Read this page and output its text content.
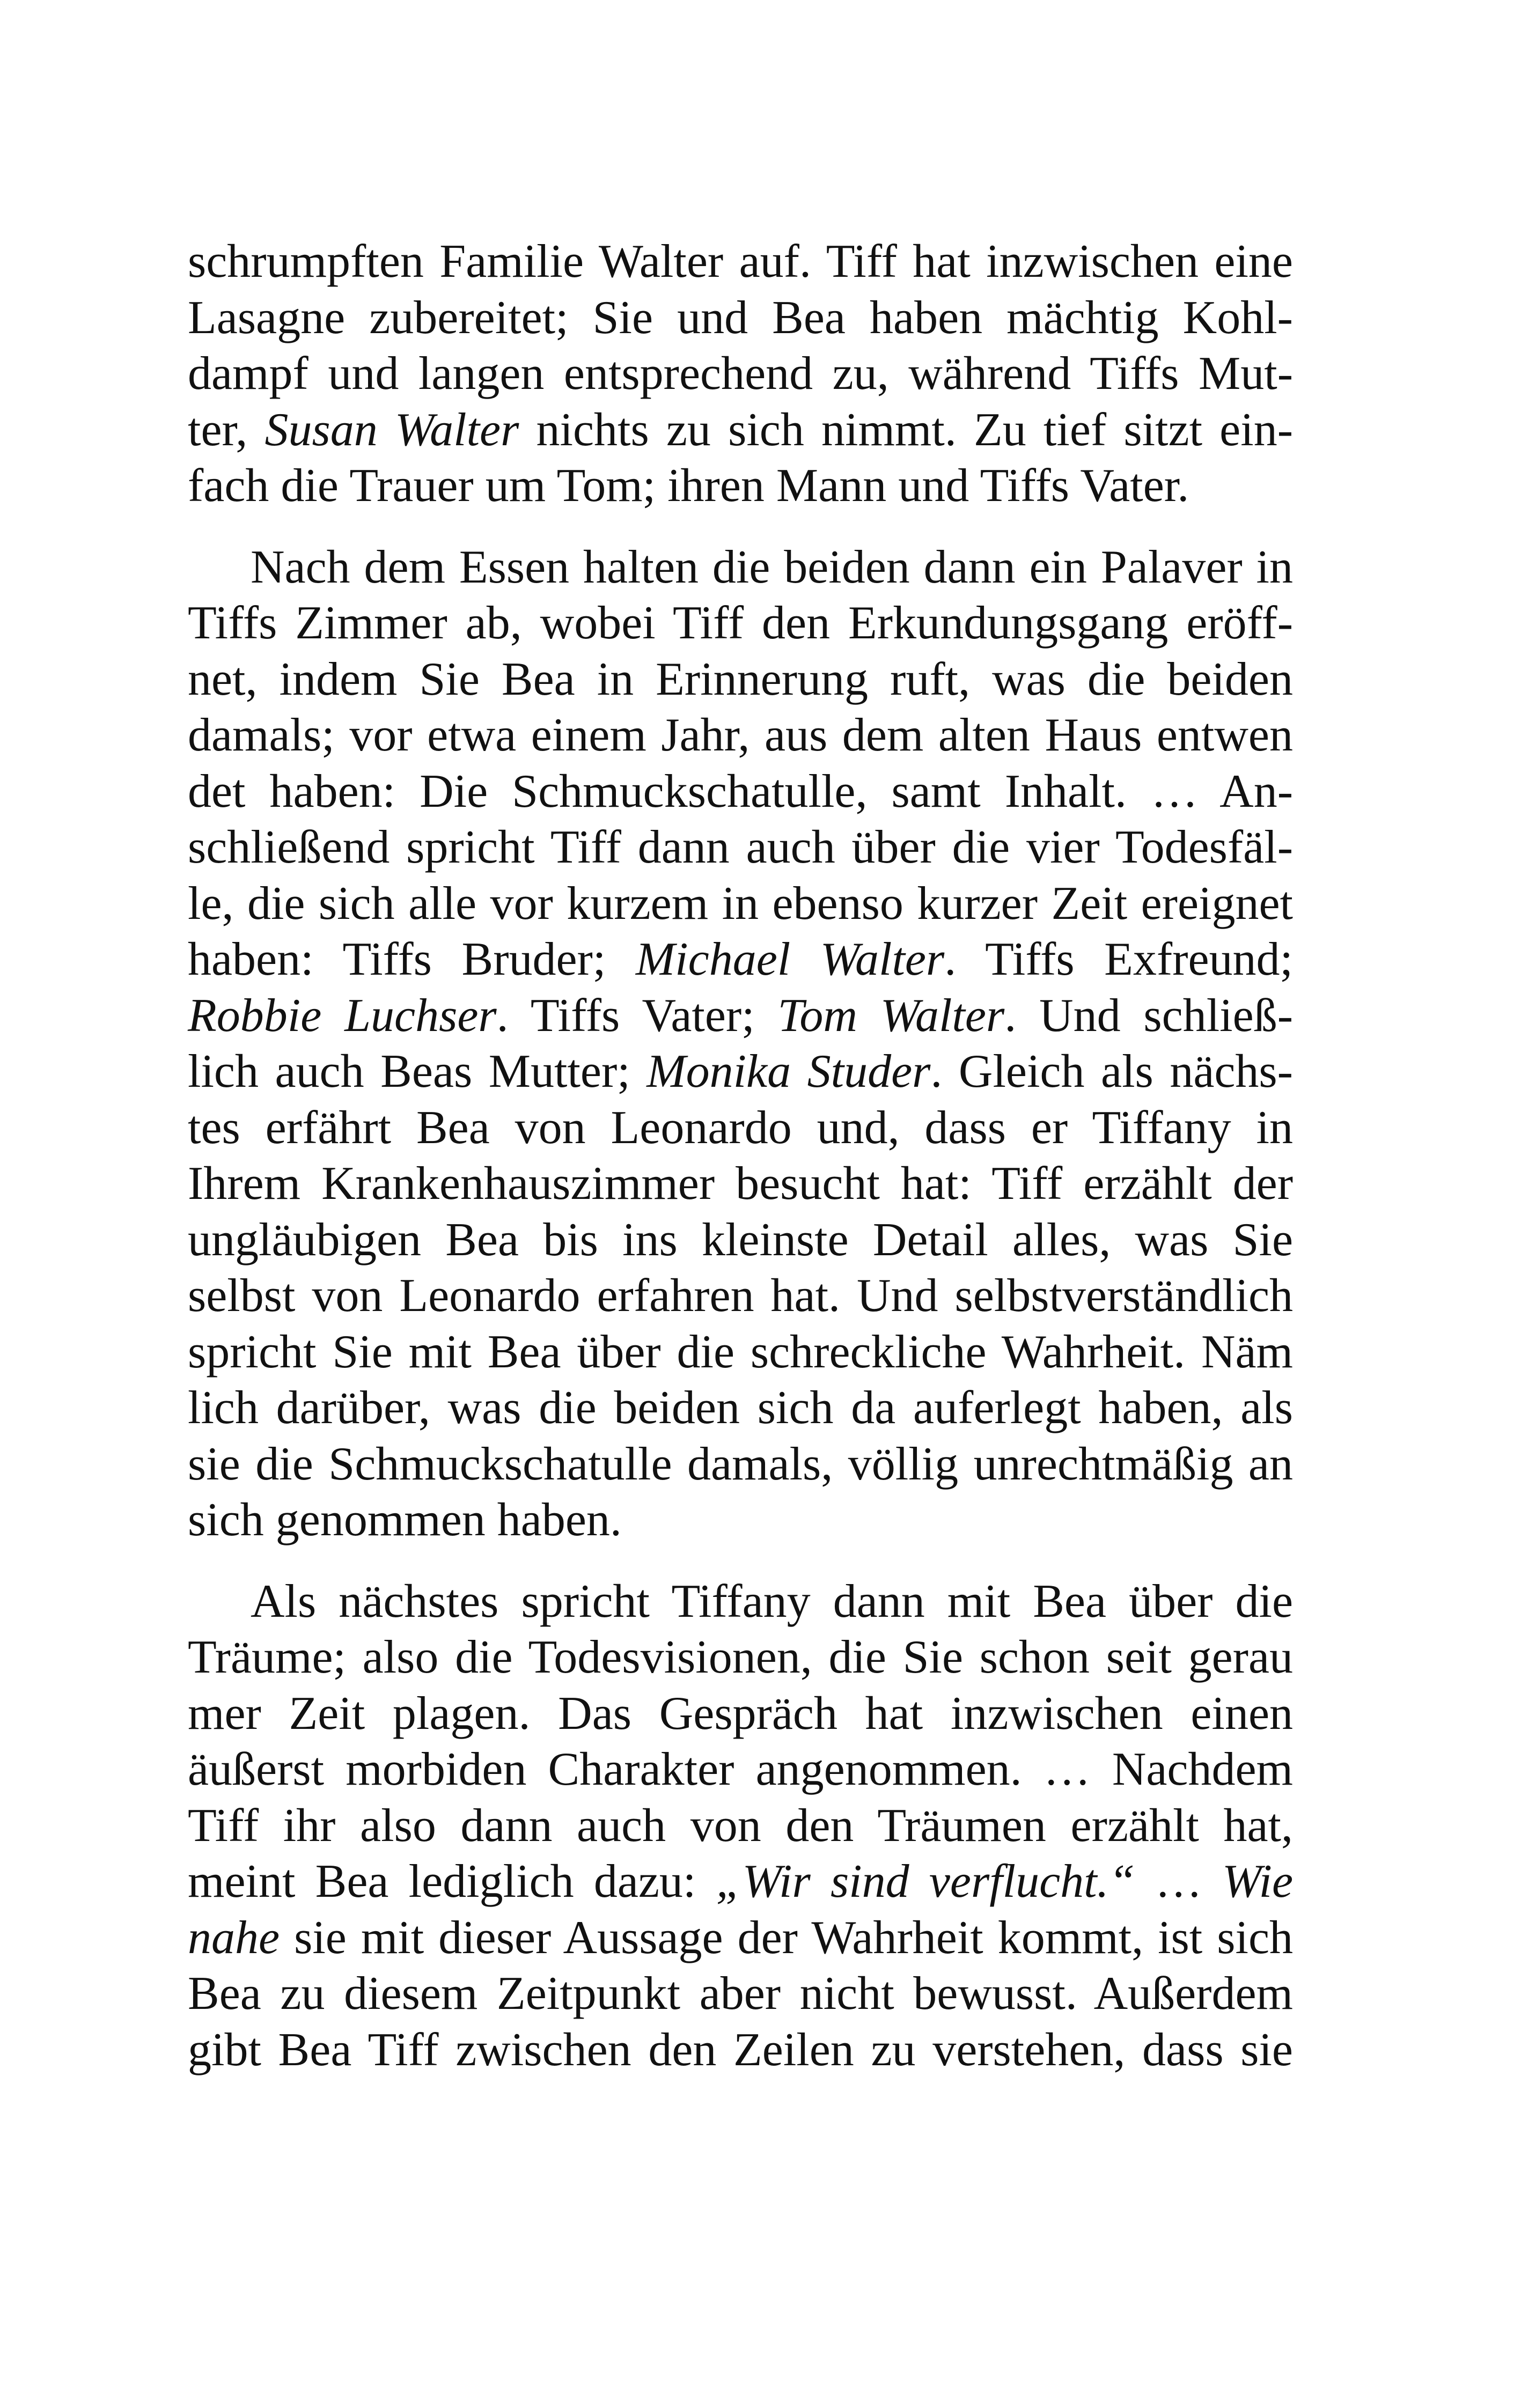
schrumpften Familie Walter auf. Tiff hat inzwischen eine
Lasagne zubereitet; Sie und Bea haben mächtig Kohl-
dampf und langen entsprechend zu, während Tiffs Mut-
ter, Susan Walter nichts zu sich nimmt. Zu tief sitzt ein-
fach die Trauer um Tom; ihren Mann und Tiffs Vater.
Nach dem Essen halten die beiden dann ein Palaver in
Tiffs Zimmer ab, wobei Tiff den Erkundungsgang eröff-
net, indem Sie Bea in Erinnerung ruft, was die beiden
damals; vor etwa einem Jahr, aus dem alten Haus entwen
det haben: Die Schmuckschatulle, samt Inhalt. … An-
schließend spricht Tiff dann auch über die vier Todesfäl-
le, die sich alle vor kurzem in ebenso kurzer Zeit ereignet
haben: Tiffs Bruder; Michael Walter. Tiffs Exfreund;
Robbie Luchser. Tiffs Vater; Tom Walter. Und schließ-
lich auch Beas Mutter; Monika Studer. Gleich als nächs-
tes erfährt Bea von Leonardo und, dass er Tiffany in
Ihrem Krankenhauszimmer besucht hat: Tiff erzählt der
ungläubigen Bea bis ins kleinste Detail alles, was Sie
selbst von Leonardo erfahren hat. Und selbstverständlich
spricht Sie mit Bea über die schreckliche Wahrheit. Näm
lich darüber, was die beiden sich da auferlegt haben, als
sie die Schmuckschatulle damals, völlig unrechtmäßig an
sich genommen haben.
Als nächstes spricht Tiffany dann mit Bea über die
Träume; also die Todesvisionen, die Sie schon seit gerau
mer Zeit plagen. Das Gespräch hat inzwischen einen
äußerst morbiden Charakter angenommen. … Nachdem
Tiff ihr also dann auch von den Träumen erzählt hat,
meint Bea lediglich dazu: „Wir sind verflucht.“ … Wie
nahe sie mit dieser Aussage der Wahrheit kommt, ist sich
Bea zu diesem Zeitpunkt aber nicht bewusst. Außerdem
gibt Bea Tiff zwischen den Zeilen zu verstehen, dass sie
